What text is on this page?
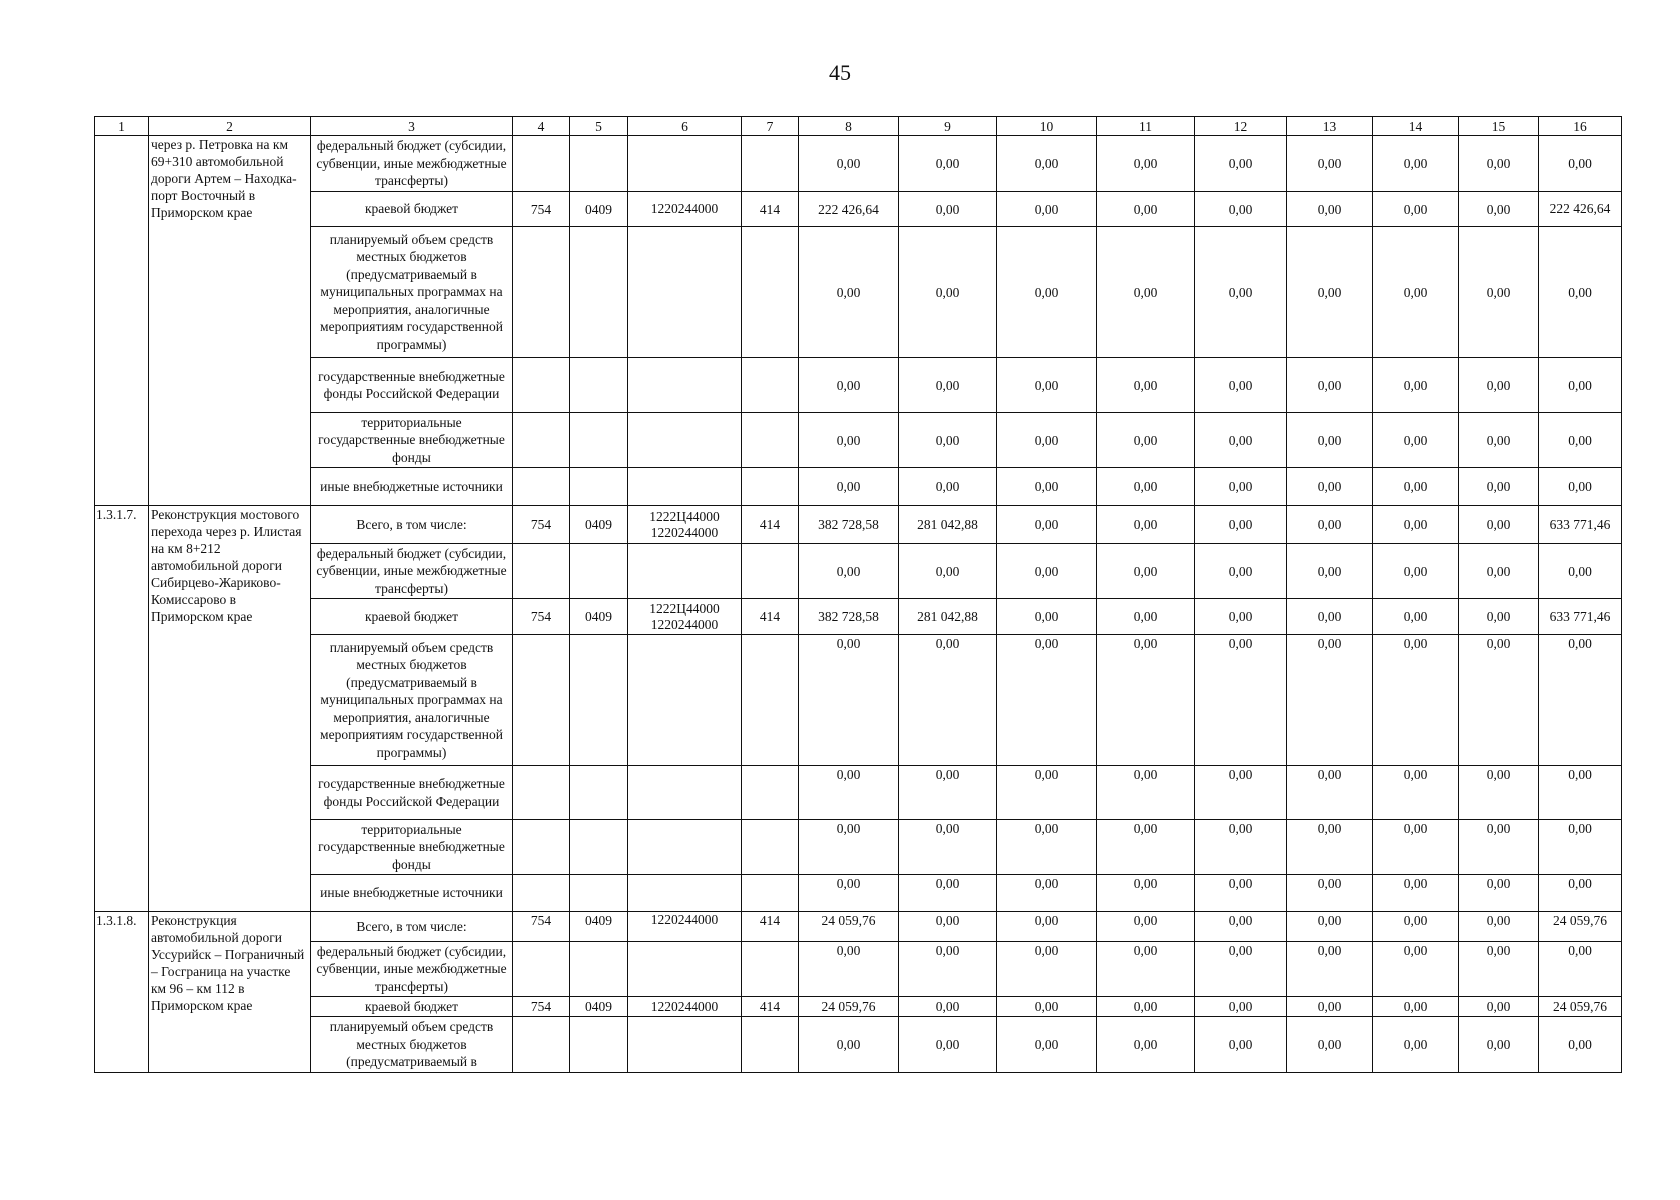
45
1	2	3	4	5	6	7	8	9	10	11	12	13	14	15	16
	через р. Петровка на км 69+310 автомобильной дороги Артем – Находка-порт Восточный в Приморском крае	федеральный бюджет (субсидии, субвенции, иные межбюджетные трансферты)					0,00	0,00	0,00	0,00	0,00	0,00	0,00	0,00	0,00
		краевой бюджет	754	0409	1220244000	414	222 426,64	0,00	0,00	0,00	0,00	0,00	0,00	0,00	222 426,64
		планируемый объем средств местных бюджетов (предусматриваемый в муниципальных программах на мероприятия, аналогичные мероприятиям государственной программы)					0,00	0,00	0,00	0,00	0,00	0,00	0,00	0,00	0,00
		государственные внебюджетные фонды Российской Федерации					0,00	0,00	0,00	0,00	0,00	0,00	0,00	0,00	0,00
		территориальные государственные внебюджетные фонды					0,00	0,00	0,00	0,00	0,00	0,00	0,00	0,00	0,00
		иные внебюджетные источники					0,00	0,00	0,00	0,00	0,00	0,00	0,00	0,00	0,00
1.3.1.7.	Реконструкция мостового перехода через р. Илистая на км 8+212 автомобильной дороги Сибирцево-Жариково-Комиссарово в Приморском крае	Всего, в том числе:	754	0409	1222Ц44000 1220244000	414	382 728,58	281 042,88	0,00	0,00	0,00	0,00	0,00	0,00	633 771,46
		федеральный бюджет (субсидии, субвенции, иные межбюджетные трансферты)					0,00	0,00	0,00	0,00	0,00	0,00	0,00	0,00	0,00
		краевой бюджет	754	0409	1222Ц44000 1220244000	414	382 728,58	281 042,88	0,00	0,00	0,00	0,00	0,00	0,00	633 771,46
		планируемый объем средств местных бюджетов (предусматриваемый в муниципальных программах на мероприятия, аналогичные мероприятиям государственной программы)					0,00	0,00	0,00	0,00	0,00	0,00	0,00	0,00	0,00
		государственные внебюджетные фонды Российской Федерации					0,00	0,00	0,00	0,00	0,00	0,00	0,00	0,00	0,00
		территориальные государственные внебюджетные фонды					0,00	0,00	0,00	0,00	0,00	0,00	0,00	0,00	0,00
		иные внебюджетные источники					0,00	0,00	0,00	0,00	0,00	0,00	0,00	0,00	0,00
1.3.1.8.	Реконструкция автомобильной дороги Уссурийск – Пограничный – Госграница на участке км 96 – км 112 в Приморском крае	Всего, в том числе:	754	0409	1220244000	414	24 059,76	0,00	0,00	0,00	0,00	0,00	0,00	0,00	24 059,76
		федеральный бюджет (субсидии, субвенции, иные межбюджетные трансферты)					0,00	0,00	0,00	0,00	0,00	0,00	0,00	0,00	0,00
		краевой бюджет	754	0409	1220244000	414	24 059,76	0,00	0,00	0,00	0,00	0,00	0,00	0,00	24 059,76
		планируемый объем средств местных бюджетов (предусматриваемый в					0,00	0,00	0,00	0,00	0,00	0,00	0,00	0,00	0,00
